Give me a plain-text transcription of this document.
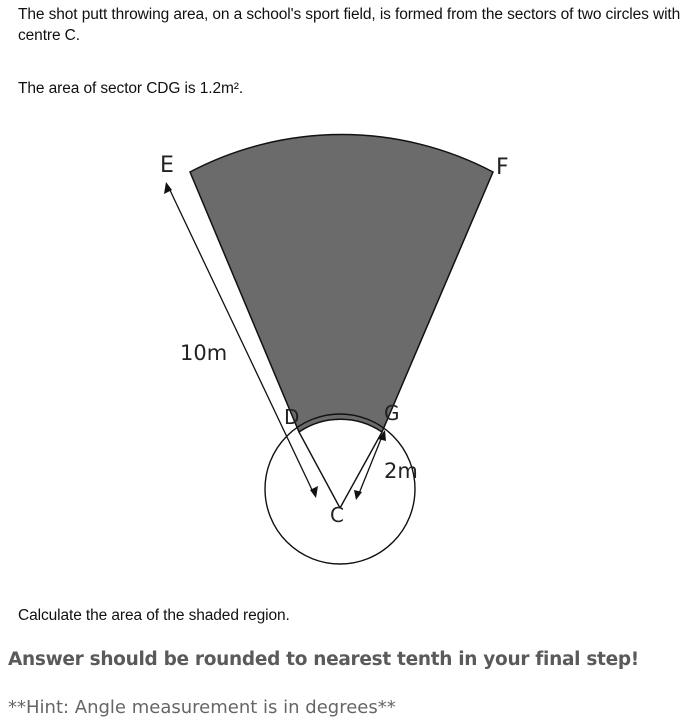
The shot putt throwing area, on a school's sport field, is formed from the sectors of two circles with centre C.

The area of sector CDG is 1.2m².

E	F
D	G
C
10m
2m

Calculate the area of the shaded region.

Answer should be rounded to nearest tenth in your final step!

**Hint: Angle measurement is in degrees**
